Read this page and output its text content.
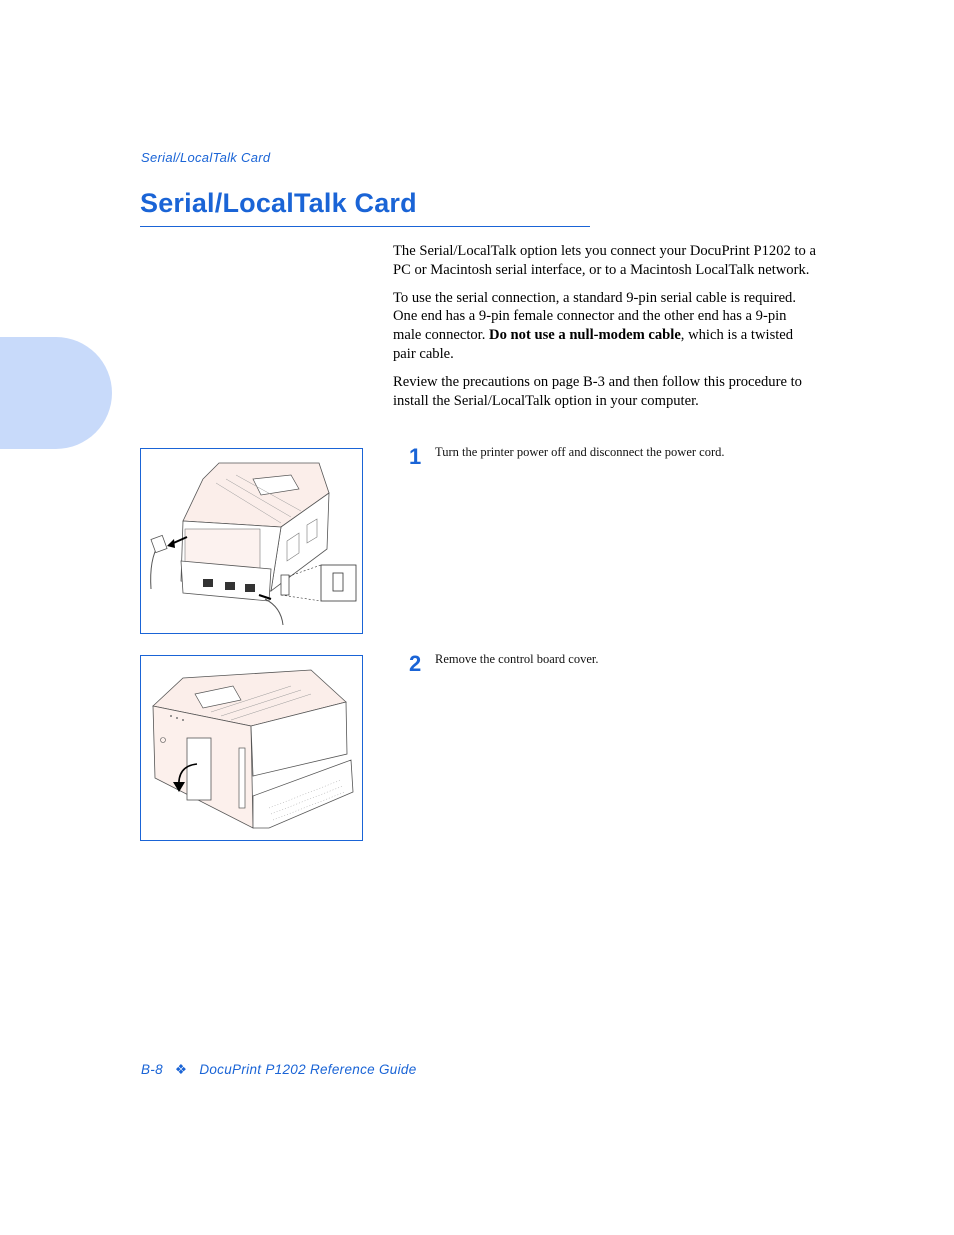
Serial/LocalTalk Card
Serial/LocalTalk Card

The Serial/LocalTalk option lets you connect your DocuPrint P1202 to a PC or Macintosh serial interface, or to a Macintosh LocalTalk network.

To use the serial connection, a standard 9-pin serial cable is required. One end has a 9-pin female connector and the other end has a 9-pin male connector. Do not use a null-modem cable, which is a twisted pair cable.

Review the precautions on page B-3 and then follow this procedure to install the Serial/LocalTalk option in your computer.

1 Turn the printer power off and disconnect the power cord.
2 Remove the control board cover.
B-8 ❖ DocuPrint P1202 Reference Guide
